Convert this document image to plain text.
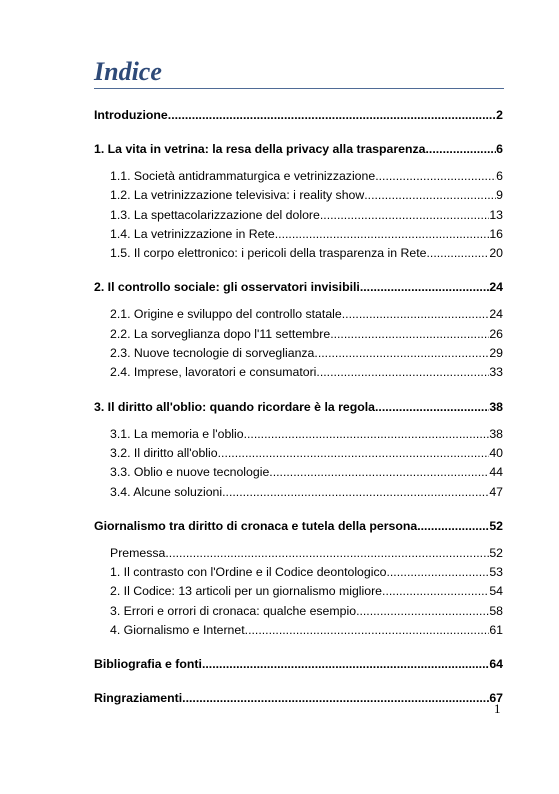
Indice
Introduzione .....	2
1. La vita in vetrina: la resa della privacy alla trasparenza .....	6
1.1. Società antidrammaturgica e vetrinizzazione .....	6
1.2. La vetrinizzazione televisiva: i reality show .....	9
1.3. La spettacolarizzazione del dolore .....	13
1.4. La vetrinizzazione in Rete .....	16
1.5. Il corpo elettronico: i pericoli della trasparenza in Rete .....	20
2. Il controllo sociale: gli osservatori invisibili .....	24
2.1. Origine e sviluppo del controllo statale .....	24
2.2. La sorveglianza dopo l'11 settembre .....	26
2.3. Nuove tecnologie di sorveglianza .....	29
2.4. Imprese, lavoratori e consumatori .....	33
3. Il diritto all'oblio: quando ricordare è la regola .....	38
3.1. La memoria e l'oblio .....	38
3.2. Il diritto all'oblio .....	40
3.3. Oblio e nuove tecnologie .....	44
3.4. Alcune soluzioni .....	47
Giornalismo tra diritto di cronaca e tutela della persona .....	52
Premessa .....	52
1. Il contrasto con l'Ordine e il Codice deontologico .....	53
2. Il Codice: 13 articoli per un giornalismo migliore .....	54
3. Errori e orrori di cronaca: qualche esempio .....	58
4. Giornalismo e Internet .....	61
Bibliografia e fonti .....	64
Ringraziamenti .....	67
1
